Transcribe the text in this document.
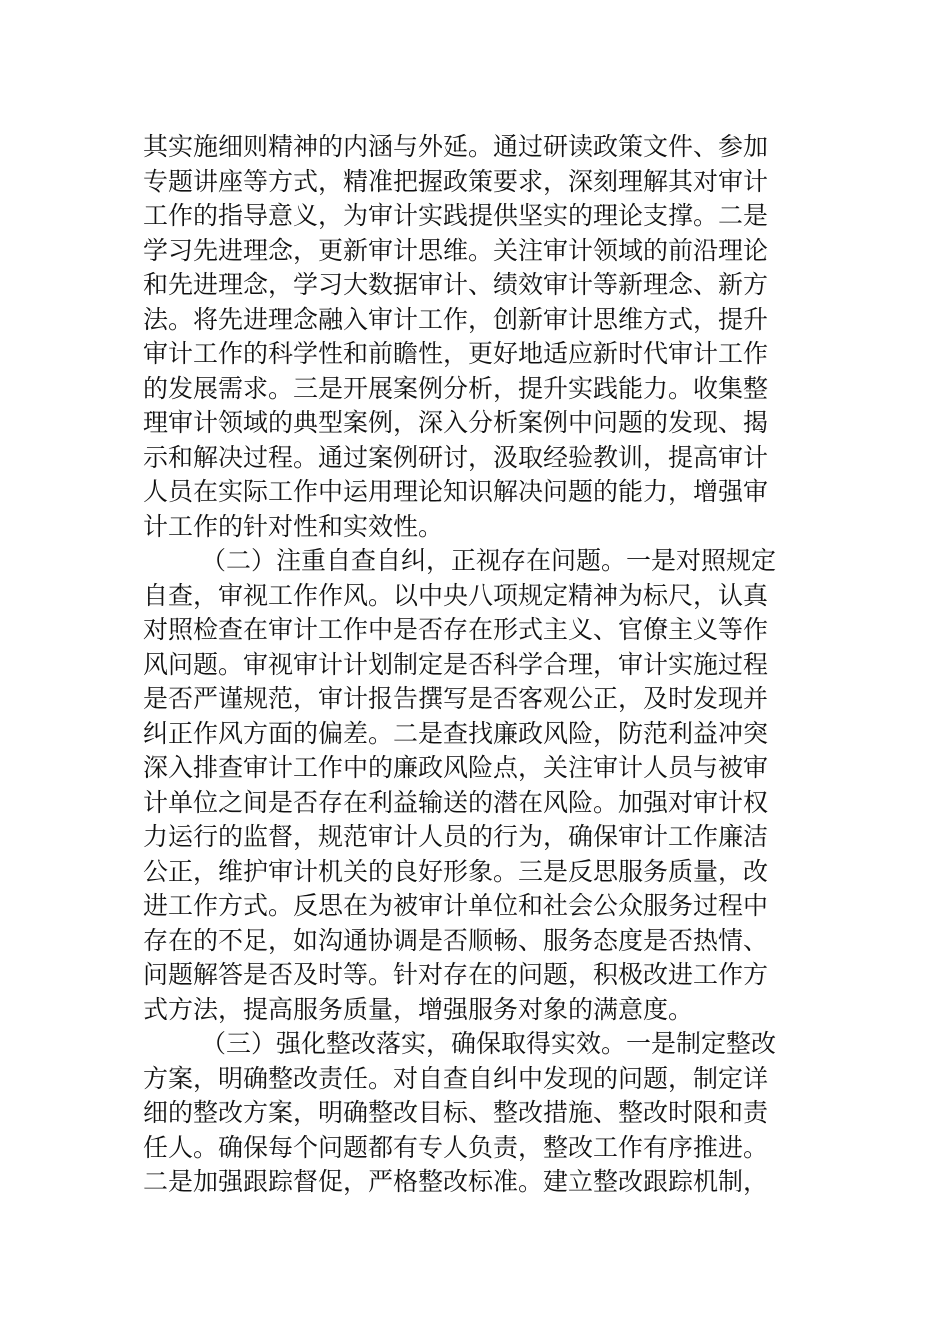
其实施细则精神的内涵与外延。通过研读政策文件、参加
专题讲座等方式，精准把握政策要求，深刻理解其对审计
工作的指导意义，为审计实践提供坚实的理论支撑。二是
学习先进理念，更新审计思维。关注审计领域的前沿理论
和先进理念，学习大数据审计、绩效审计等新理念、新方
法。将先进理念融入审计工作，创新审计思维方式，提升
审计工作的科学性和前瞻性，更好地适应新时代审计工作
的发展需求。三是开展案例分析，提升实践能力。收集整
理审计领域的典型案例，深入分析案例中问题的发现、揭
示和解决过程。通过案例研讨，汲取经验教训，提高审计
人员在实际工作中运用理论知识解决问题的能力，增强审
计工作的针对性和实效性。
（二）注重自查自纠，正视存在问题。一是对照规定
自查，审视工作作风。以中央八项规定精神为标尺，认真
对照检查在审计工作中是否存在形式主义、官僚主义等作
风问题。审视审计计划制定是否科学合理，审计实施过程
是否严谨规范，审计报告撰写是否客观公正，及时发现并
纠正作风方面的偏差。二是查找廉政风险，防范利益冲突
深入排查审计工作中的廉政风险点，关注审计人员与被审
计单位之间是否存在利益输送的潜在风险。加强对审计权
力运行的监督，规范审计人员的行为，确保审计工作廉洁
公正，维护审计机关的良好形象。三是反思服务质量，改
进工作方式。反思在为被审计单位和社会公众服务过程中
存在的不足，如沟通协调是否顺畅、服务态度是否热情、
问题解答是否及时等。针对存在的问题，积极改进工作方
式方法，提高服务质量，增强服务对象的满意度。
（三）强化整改落实，确保取得实效。一是制定整改
方案，明确整改责任。对自查自纠中发现的问题，制定详
细的整改方案，明确整改目标、整改措施、整改时限和责
任人。确保每个问题都有专人负责，整改工作有序推进。
二是加强跟踪督促，严格整改标准。建立整改跟踪机制，
